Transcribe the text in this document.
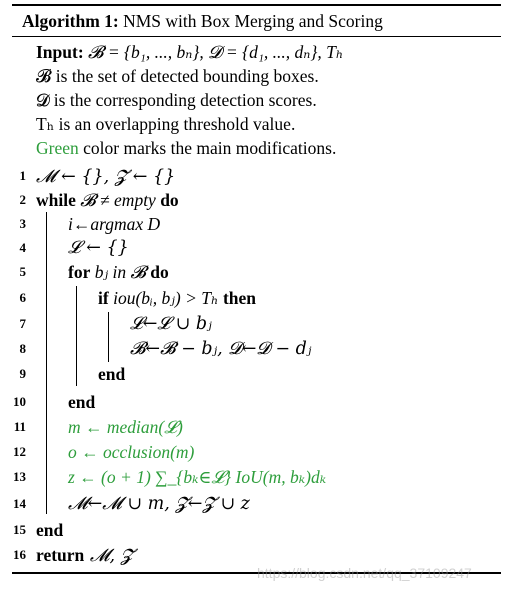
Algorithm 1: NMS with Box Merging and Scoring
Input: 𝓑 = {b₁, ..., bₙ}, 𝓓 = {d₁, ..., dₙ}, Tₕ
𝓑 is the set of detected bounding boxes.
𝓓 is the corresponding detection scores.
Tₕ is an overlapping threshold value.
Green color marks the main modifications.
1
2
3
4
5
6
7
8
9
10
11
12
13
14
15
16
𝓜 ← {}, 𝓩 ← {}
while 𝓑 ≠ empty do
i←argmax D
𝓛 ← {}
for bⱼ in 𝓑 do
if iou(bᵢ, bⱼ) > Tₕ then
𝓛←𝓛 ∪ bⱼ
𝓑←𝓑 − bⱼ, 𝓓←𝓓 − dⱼ
end
end
m ← median(𝓛)
o ← occlusion(m)
z ← (o + 1) ∑_{bₖ∈𝓛} IoU(m, bₖ)dₖ
𝓜←𝓜 ∪ m, 𝓩←𝓩 ∪ z
end
return 𝓜, 𝓩
https://blog.csdn.net/qq_37109247
